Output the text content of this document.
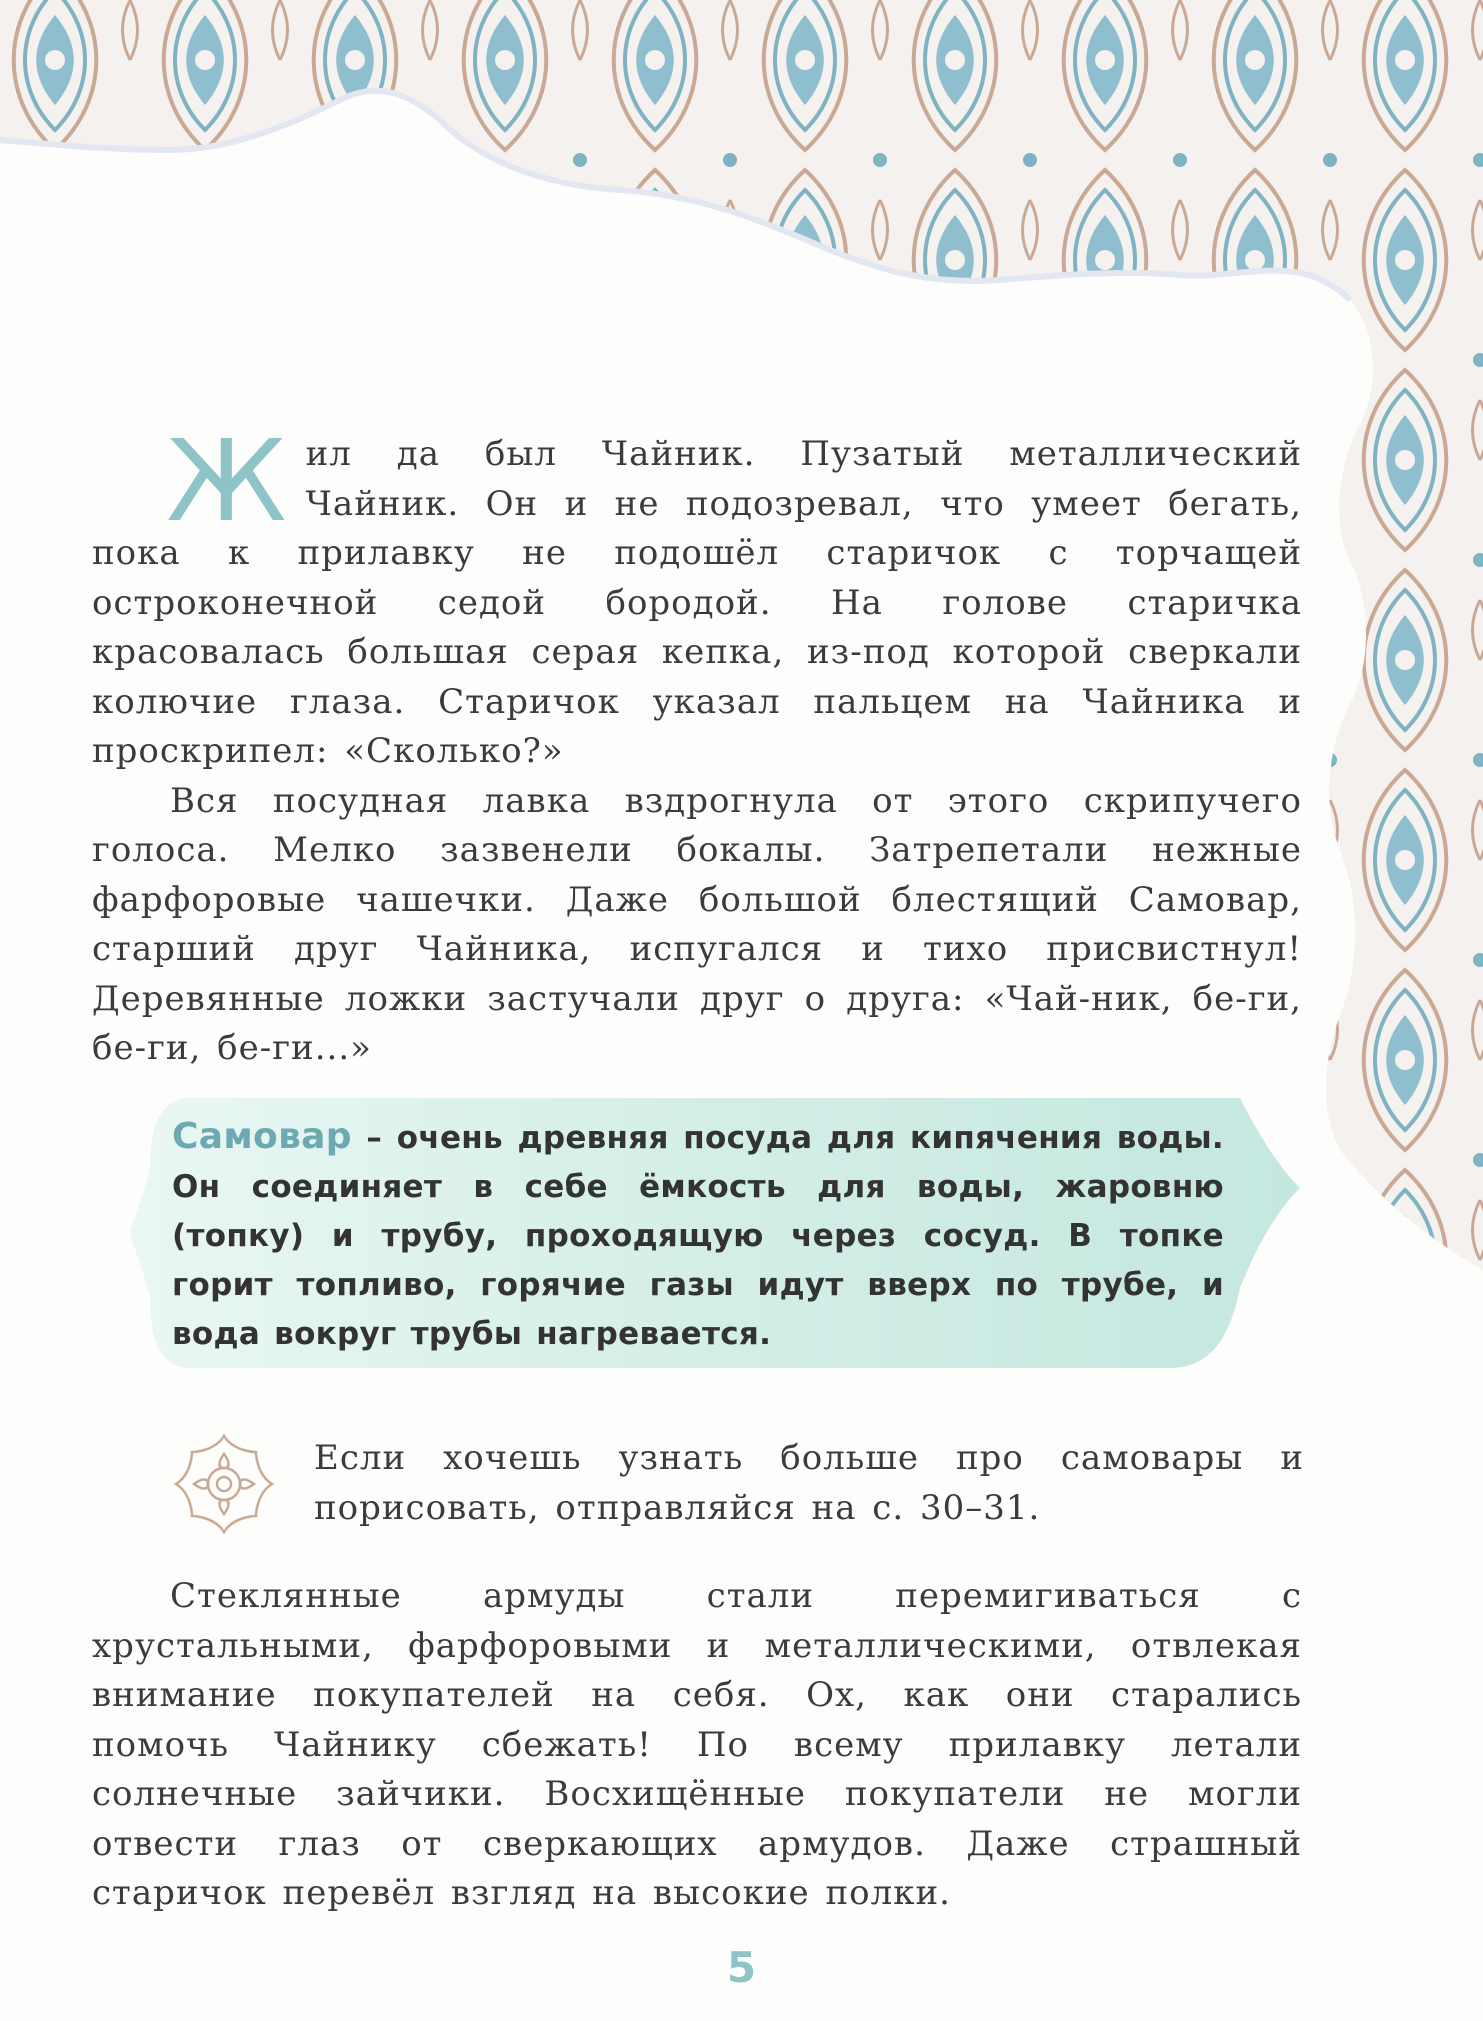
Жил да был Чайник. Пузатый металлический Чайник. Он и не подозревал, что умеет бегать, пока к прилавку не подошёл старичок с торчащей остроконечной седой бородой. На голове старичка красовалась большая серая кепка, из-под которой сверкали колючие глаза. Старичок указал пальцем на Чайника и проскрипел: «Сколько?»

Вся посудная лавка вздрогнула от этого скрипучего голоса. Мелко зазвенели бокалы. Затрепетали нежные фарфоровые чашечки. Даже большой блестящий Самовар, старший друг Чайника, испугался и тихо присвистнул! Деревянные ложки застучали друг о друга: «Чай-ник, бе-ги, бе-ги, бе-ги...»

Самовар – очень древняя посуда для кипячения воды. Он соединяет в себе ёмкость для воды, жаровню (топку) и трубу, проходящую через сосуд. В топке горит топливо, горячие газы идут вверх по трубе, и вода вокруг трубы нагревается.

Если хочешь узнать больше про самовары и порисовать, отправляйся на с. 30–31.

Стеклянные армуды стали перемигиваться с хрустальными, фарфоровыми и металлическими, отвлекая внимание покупателей на себя. Ох, как они старались помочь Чайнику сбежать! По всему прилавку летали солнечные зайчики. Восхищённые покупатели не могли отвести глаз от сверкающих армудов. Даже страшный старичок перевёл взгляд на высокие полки.

5
